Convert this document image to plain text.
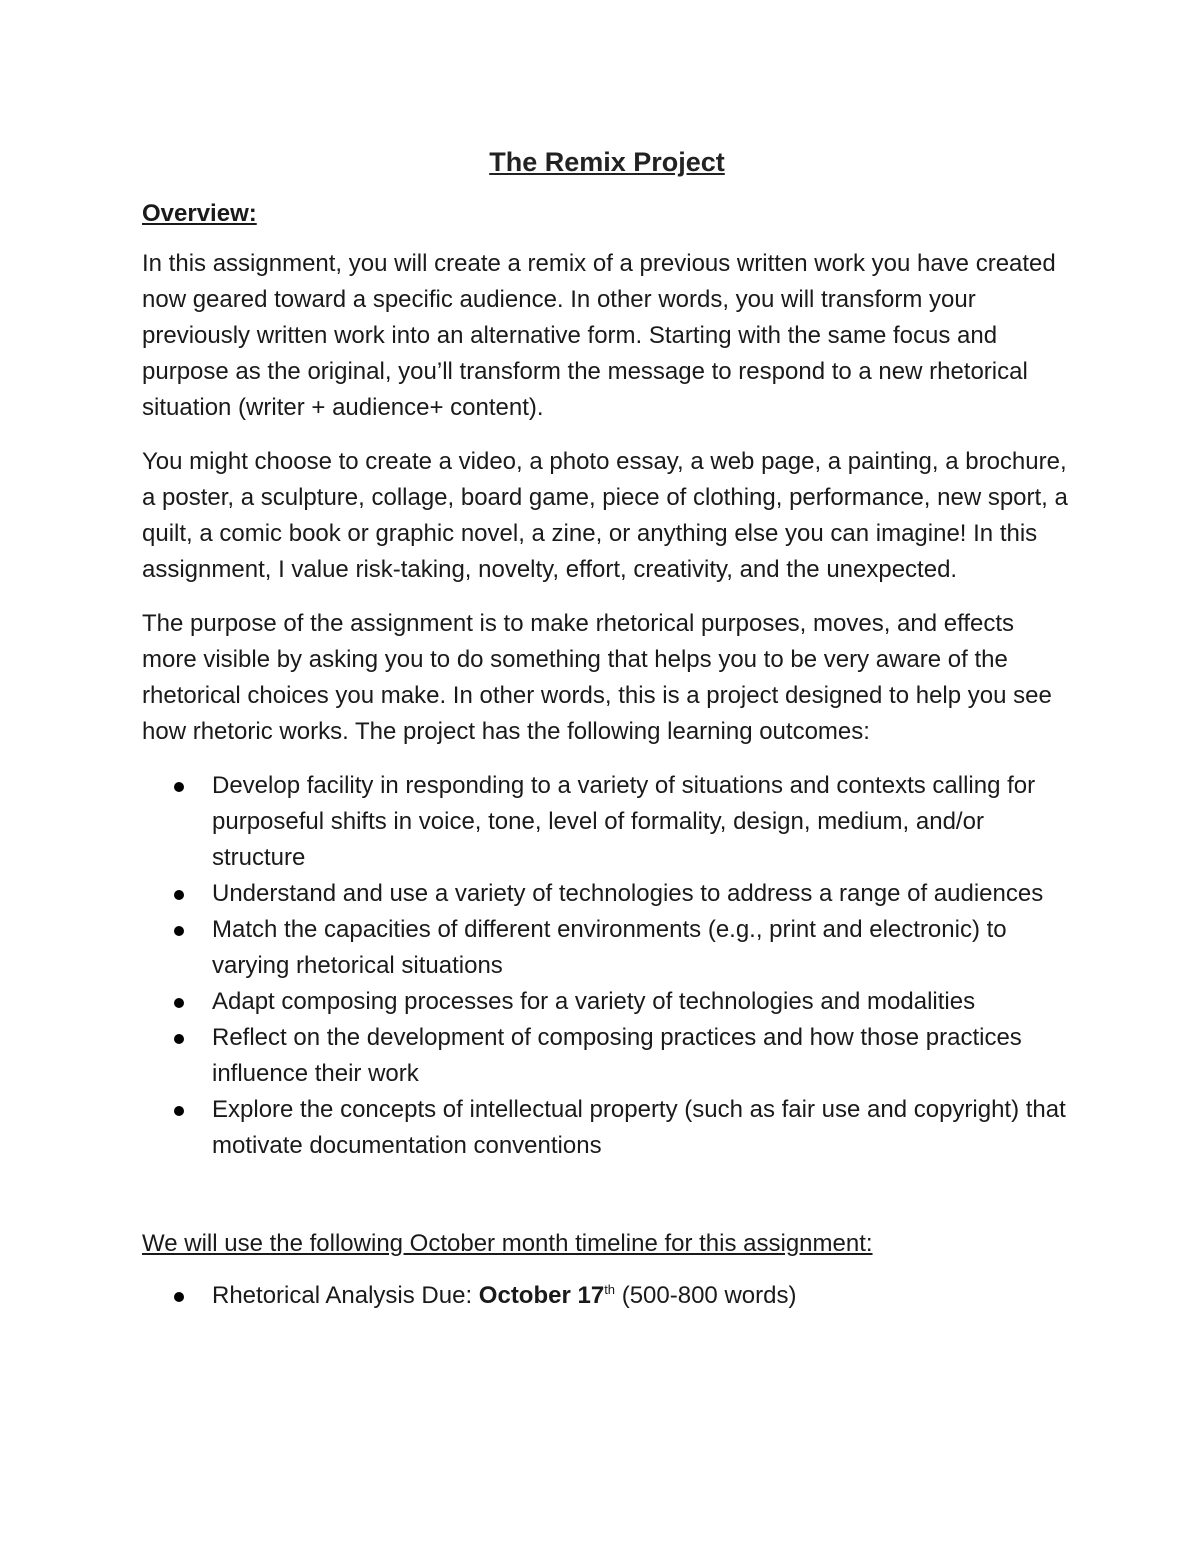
The Remix Project
Overview:

In this assignment, you will create a remix of a previous written work you have created now geared toward a specific audience. In other words, you will transform your previously written work into an alternative form. Starting with the same focus and purpose as the original, you’ll transform the message to respond to a new rhetorical situation (writer + audience+ content).

You might choose to create a video, a photo essay, a web page, a painting, a brochure, a poster, a sculpture, collage, board game, piece of clothing, performance, new sport, a quilt, a comic book or graphic novel, a zine, or anything else you can imagine! In this assignment, I value risk-taking, novelty, effort, creativity, and the unexpected.

The purpose of the assignment is to make rhetorical purposes, moves, and effects more visible by asking you to do something that helps you to be very aware of the rhetorical choices you make. In other words, this is a project designed to help you see how rhetoric works. The project has the following learning outcomes:

Develop facility in responding to a variety of situations and contexts calling for purposeful shifts in voice, tone, level of formality, design, medium, and/or structure
Understand and use a variety of technologies to address a range of audiences
Match the capacities of different environments (e.g., print and electronic) to varying rhetorical situations
Adapt composing processes for a variety of technologies and modalities
Reflect on the development of composing practices and how those practices influence their work
Explore the concepts of intellectual property (such as fair use and copyright) that motivate documentation conventions
We will use the following October month timeline for this assignment:
Rhetorical Analysis Due: October 17th (500-800 words)
